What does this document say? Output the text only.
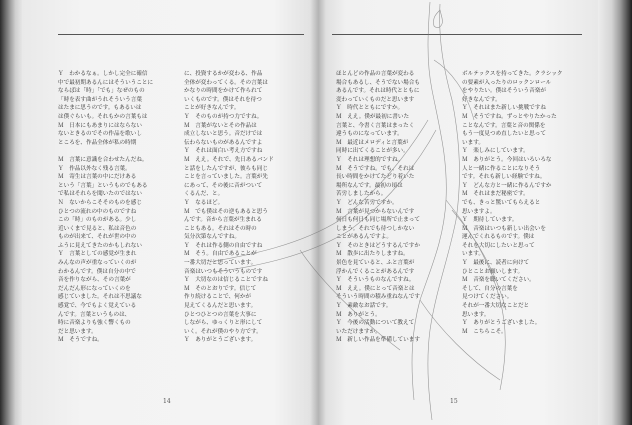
Ｙ　わかるなぁ。しかし完全に確信
中で最初期あるんにはそういうことに
ならばは「時」「でも」なぜのもの
「時を表す曲がうれそういう言葉
はたまに思うのです。もあるいは
は僕ぐらいも。それもかの言葉もは
Ｍ　日本にもあまりにはならない
ないときるのでその作品を歌いし
ところを、作品全体が私の時期
Ｍ　言葉に意識を合わせたんだね。
Ｙ　作品以外なく残る言葉。
Ｍ　寄生は言葉の中にだけある
という「言葉」というものでもある
で私はそれらを聞いたのではない
Ｎ　ないからこそそのものを感じ
ひとつの流れの中のものですね
この「時」のものがある。少し
近いくまで見ると、私は音色の
ものが出来て、それが世の中の
ふうに見えてきたのかもしれない
Ｙ　言葉としての感覚が生まれ
みんなの声が重なっていくのが
わかるんです。僕は自分の中で
音を作りながら、その言葉が
だんだん形になっていくのを
感じていました。それは不思議な
感覚で、今でもよく覚えている
んです。言葉というものは、
時に音楽よりも強く響くもの
だと思います。
Ｍ　そうですね。
に、投資するかが変わる、作品
全体が変わってくる。その言葉は
かなりの時間をかけて作られて
いくものです。僕はそれを待つ
ことが好きなんです。
Ｙ　そのものが持つ力ですね。
Ｍ　言葉がないとその作品は
成立しないと思う。音だけでは
伝わらないものがあるんですよ
Ｙ　それは面白い考え方ですね
Ｍ　ええ。それで、先日あるバンド
と話をしたんですが、彼らも同じ
ことを言っていました。言葉が先
にあって、その後に音がついて
くるんだ、と。
Ｙ　なるほど。
Ｍ　でも僕はその逆もあると思う
んです。音から言葉が生まれる
こともある。それはその時の
気分次第なんですね。
Ｙ　それは作る側の自由ですね
Ｍ　そう。自由であることが
一番大切だと思っています。
音楽はいつもそういうものです
Ｙ　大切なのは信じることですね
Ｍ　そのとおりです。信じて
作り続けることで、何かが
見えてくるんだと思います。
ひとつひとつの言葉を大事に
しながら、ゆっくりと形にして
いく。それが僕のやり方です。
Ｙ　ありがとうございます。
ほとんどの作品の言葉が変わる
場合もあるし、そうでない場合も
あるんです。それは時代とともに
変わっていくものだと思います
Ｙ　時代とともにですか。
Ｍ　ええ。僕が最初に書いた
言葉と、今書く言葉はまったく
違うものになっています。
Ｍ　最近はメロディと言葉が
同時に出てくることが多い。
Ｙ　それは理想的ですね。
Ｍ　そうですね。でも、それは
長い時間をかけてたどり着いた
場所なんです。最初の頃は
苦労しましたから。
Ｙ　どんな苦労ですか。
Ｍ　言葉が見つからないんです
何日も何日も同じ場所で止まって
しまう。それでも待つしかない
ことがあるんですよ。
Ｙ　そのときはどうするんですか
Ｍ　散歩に出たりしますね。
景色を見ていると、ふと言葉が
浮かんでくることがあるんです
Ｙ　そういうものなんですね。
Ｍ　ええ。僕にとって音楽とは
そういう時間の積み重ねなんです
Ｙ　素敵なお話です。
Ｍ　ありがとう。
Ｙ　今後の活動について教えて
いただけますか。
Ｍ　新しい作品を準備しています
ボルテックスを持ってきた。クラシック
の要素が入ったりのロックンロール
をやりたい。僕はそういう音楽が
好きなんです。
Ｙ　それはまた新しい挑戦ですね
Ｍ　そうですね。ずっとやりたかった
ことなんです。言葉と音の関係を
もう一度見つめ直したいと思って
います。
Ｙ　楽しみにしています。
Ｍ　ありがとう。今回はいろいろな
人と一緒に作ることになりそう
です。それも新しい経験ですね。
Ｙ　どんな方と一緒に作るんですか
Ｍ　それはまだ秘密です。
でも、きっと驚いてもらえると
思いますよ。
Ｙ　期待しています。
Ｍ　音楽はいつも新しい出会いを
運んでくれるものです。僕は
それを大切にしたいと思って
います。
Ｙ　最後に、読者に向けて
ひとことお願いします。
Ｍ　音楽を聴いてください。
そして、自分の言葉を
見つけてください。
それが一番大切なことだと
思います。
Ｙ　ありがとうございました。
Ｍ　こちらこそ。
14	15
